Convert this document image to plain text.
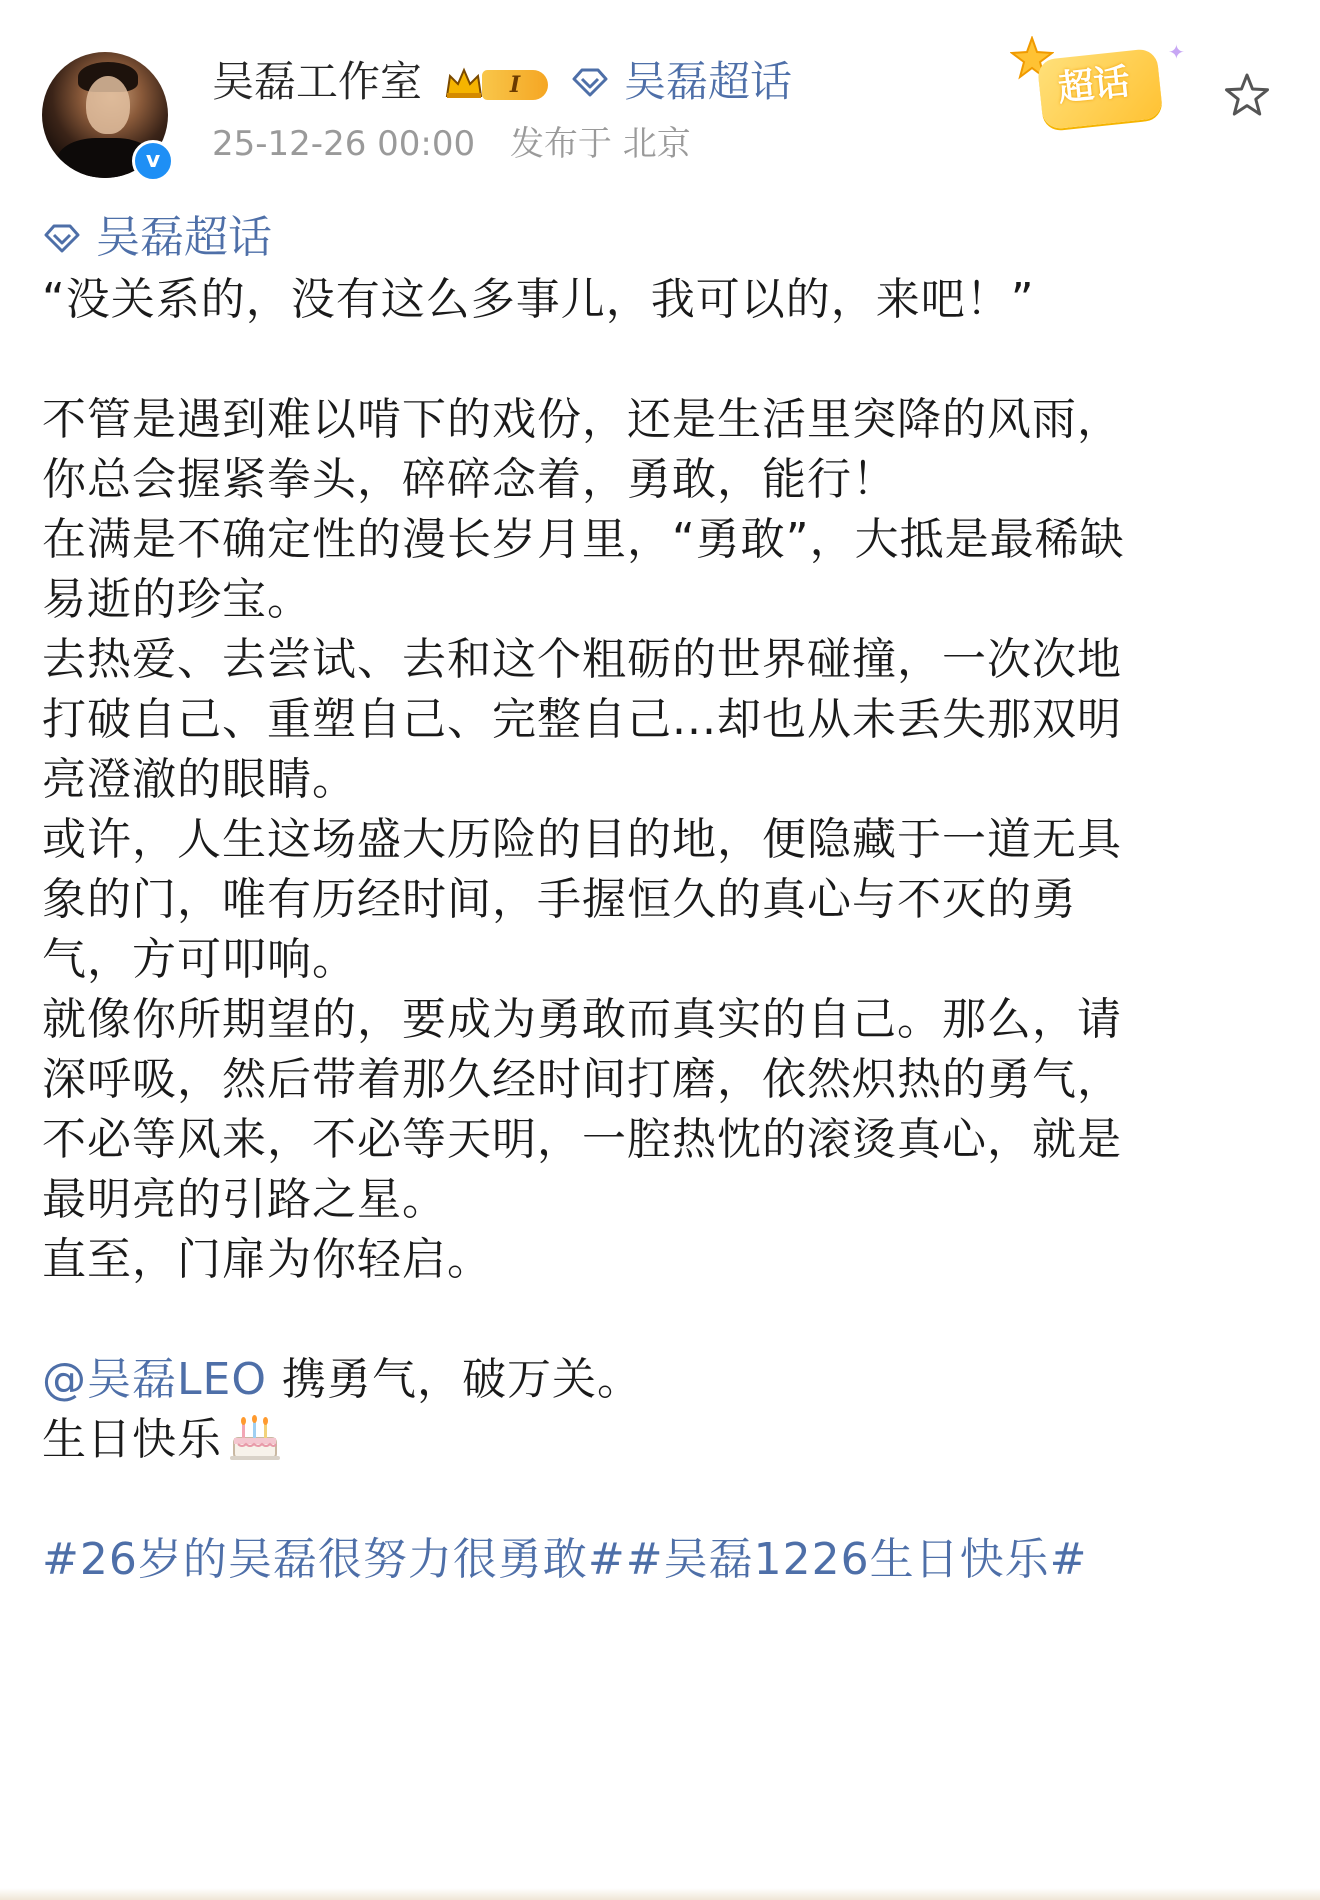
v
吴磊工作室	I	吴磊超话
25-12-26 00:00 发布于 北京
超话
✦
吴磊超话

“没关系的，没有这么多事儿，我可以的，来吧！”

不管是遇到难以啃下的戏份，还是生活里突降的风雨，

你总会握紧拳头，碎碎念着，勇敢，能行！

在满是不确定性的漫长岁月里，“勇敢”，大抵是最稀缺

易逝的珍宝。

去热爱、去尝试、去和这个粗砺的世界碰撞，一次次地

打破自己、重塑自己、完整自己...却也从未丢失那双明

亮澄澈的眼睛。

或许，人生这场盛大历险的目的地，便隐藏于一道无具

象的门，唯有历经时间，手握恒久的真心与不灭的勇

气，方可叩响。

就像你所期望的，要成为勇敢而真实的自己。那么，请

深呼吸，然后带着那久经时间打磨，依然炽热的勇气，

不必等风来，不必等天明，一腔热忱的滚烫真心，就是

最明亮的引路之星。

直至，门扉为你轻启。

@吴磊LEO 携勇气，破万关。

生日快乐

#26岁的吴磊很努力很勇敢##吴磊1226生日快乐#
